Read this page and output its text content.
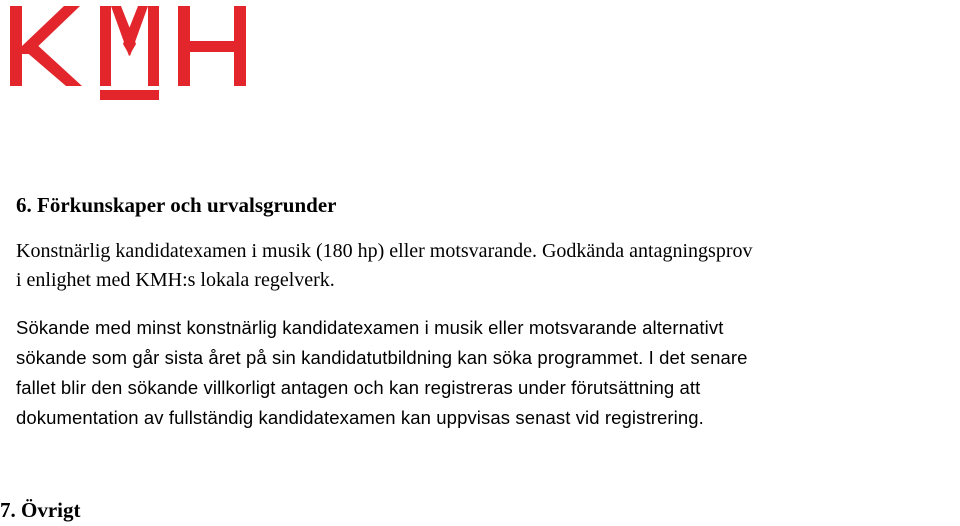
6. Förkunskaper och urvalsgrunder

Konstnärlig kandidatexamen i musik (180 hp) eller motsvarande. Godkända antagningsprov
i enlighet med KMH:s lokala regelverk.

Sökande med minst konstnärlig kandidatexamen i musik eller motsvarande alternativt
sökande som går sista året på sin kandidatutbildning kan söka programmet. I det senare
fallet blir den sökande villkorligt antagen och kan registreras under förutsättning att
dokumentation av fullständig kandidatexamen kan uppvisas senast vid registrering.

7. Övrigt
